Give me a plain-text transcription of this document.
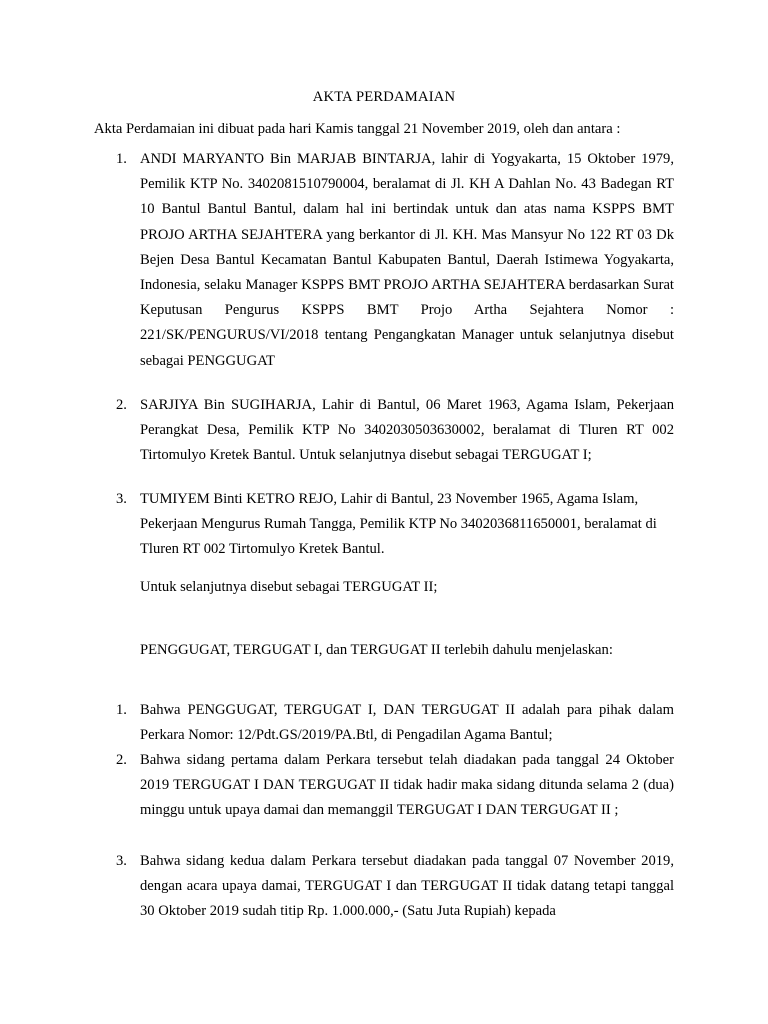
AKTA PERDAMAIAN
Akta Perdamaian ini dibuat pada hari Kamis tanggal 21 November 2019, oleh dan antara :
1. ANDI MARYANTO Bin MARJAB BINTARJA, lahir di Yogyakarta, 15 Oktober 1979, Pemilik KTP No. 3402081510790004, beralamat di Jl. KH A Dahlan No. 43 Badegan RT 10 Bantul Bantul Bantul, dalam hal ini bertindak untuk dan atas nama KSPPS BMT PROJO ARTHA SEJAHTERA yang berkantor di Jl. KH. Mas Mansyur No 122 RT 03 Dk Bejen Desa Bantul Kecamatan Bantul Kabupaten Bantul, Daerah Istimewa Yogyakarta, Indonesia, selaku Manager KSPPS BMT PROJO ARTHA SEJAHTERA berdasarkan Surat Keputusan Pengurus KSPPS BMT Projo Artha Sejahtera Nomor : 221/SK/PENGURUS/VI/2018 tentang Pengangkatan Manager untuk selanjutnya disebut sebagai PENGGUGAT
2. SARJIYA Bin SUGIHARJA, Lahir di Bantul, 06 Maret 1963, Agama Islam, Pekerjaan Perangkat Desa, Pemilik KTP No 3402030503630002, beralamat di Tluren RT 002 Tirtomulyo Kretek Bantul. Untuk selanjutnya disebut sebagai TERGUGAT I;
3. TUMIYEM Binti KETRO REJO, Lahir di Bantul, 23 November 1965, Agama Islam, Pekerjaan Mengurus Rumah Tangga, Pemilik KTP No 3402036811650001, beralamat di Tluren RT 002 Tirtomulyo Kretek Bantul.
Untuk selanjutnya disebut sebagai TERGUGAT II;
PENGGUGAT, TERGUGAT I, dan TERGUGAT II terlebih dahulu menjelaskan:
1. Bahwa PENGGUGAT, TERGUGAT I, DAN TERGUGAT II adalah para pihak dalam Perkara Nomor: 12/Pdt.GS/2019/PA.Btl, di Pengadilan Agama Bantul;
2. Bahwa sidang pertama dalam Perkara tersebut telah diadakan pada tanggal 24 Oktober 2019 TERGUGAT I DAN TERGUGAT II tidak hadir maka sidang ditunda selama 2 (dua) minggu untuk upaya damai dan memanggil TERGUGAT I DAN TERGUGAT II ;
3. Bahwa sidang kedua dalam Perkara tersebut diadakan pada tanggal 07 November 2019, dengan acara upaya damai, TERGUGAT I dan TERGUGAT II tidak datang tetapi tanggal 30 Oktober 2019 sudah titip Rp. 1.000.000,- (Satu Juta Rupiah) kepada
